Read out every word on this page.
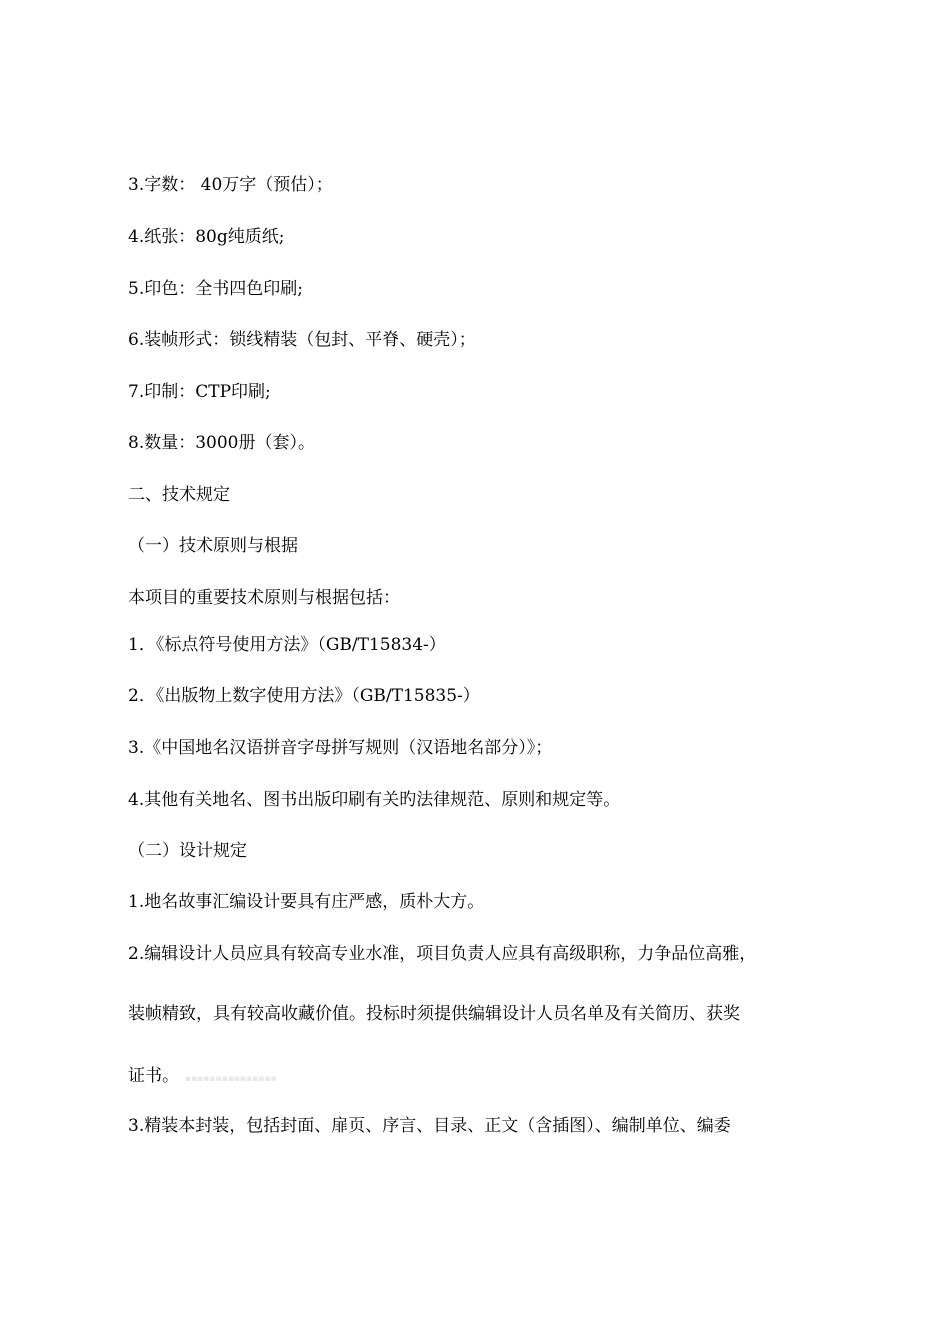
3.字数： 40万字（预估）；
4.纸张：80g纯质纸;
5.印色：全书四色印刷;
6.装帧形式：锁线精装（包封、平脊、硬壳）；
7.印制：CTP印刷;
8.数量：3000册（套）。
二、技术规定
（一）技术原则与根据
本项目的重要技术原则与根据包括：
1．《标点符号使用方法》（GB/T15834-）
2．《出版物上数字使用方法》（GB/T15835-）
3.《中国地名汉语拼音字母拼写规则（汉语地名部分）》；
4.其他有关地名、图书出版印刷有关旳法律规范、原则和规定等。
（二）设计规定
1.地名故事汇编设计要具有庄严感，质朴大方。
2.编辑设计人员应具有较高专业水准，项目负责人应具有高级职称，力争品位高雅，
装帧精致，具有较高收藏价值。投标时须提供编辑设计人员名单及有关简历、获奖
证书。 ▪▪▪▪▪▪▪▪▪▪▪▪▪▪▪
3.精装本封装，包括封面、扉页、序言、目录、正文（含插图）、编制单位、编委
